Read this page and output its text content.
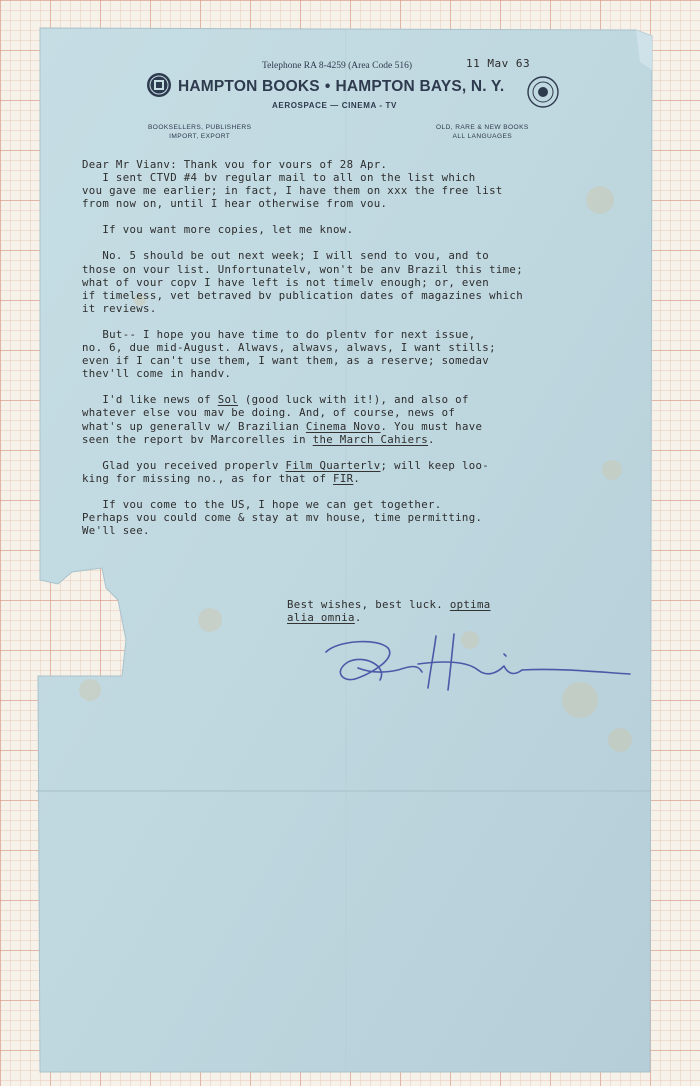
Telephone RA 8-4259 (Area Code 516)
HAMPTON BOOKS • HAMPTON BAYS, N. Y.
AEROSPACE — CINEMA - TV
BOOKSELLERS, PUBLISHERS
IMPORT, EXPORT
OLD, RARE & NEW BOOKS
ALL LANGUAGES
11 Mav 63
Dear Mr Vianv: Thank vou for vours of 28 Apr.
I sent CTVD #4 bv regular mail to all on the list which
vou gave me earlier; in fact, I have them on xxx the free list
from now on, until I hear otherwise from vou.
If vou want more copies, let me know.
No. 5 should be out next week; I will send to vou, and to
those on vour list. Unfortunatelv, won't be anv Brazil this time;
what of vour copv I have left is not timelv enough; or, even
if timeless, vet betraved bv publication dates of magazines which
it reviews.
But-- I hope you have time to do plentv for next issue,
no. 6, due mid-August. Alwavs, alwavs, alwavs, I want stills;
even if I can't use them, I want them, as a reserve; somedav
thev'll come in handv.
I'd like news of Sol (good luck with it!), and also of
whatever else vou mav be doing. And, of course, news of
what's up generallv w/ Brazilian Cinema Novo. You must have
seen the report bv Marcorelles in the March Cahiers.
Glad you received properlv Film Quarterlv; will keep loo-
king for missing no., as for that of FIR.
If vou come to the US, I hope we can get together.
Perhaps vou could come & stay at mv house, time permitting.
We'll see.
Best wishes, best luck. optima
alia omnia.
